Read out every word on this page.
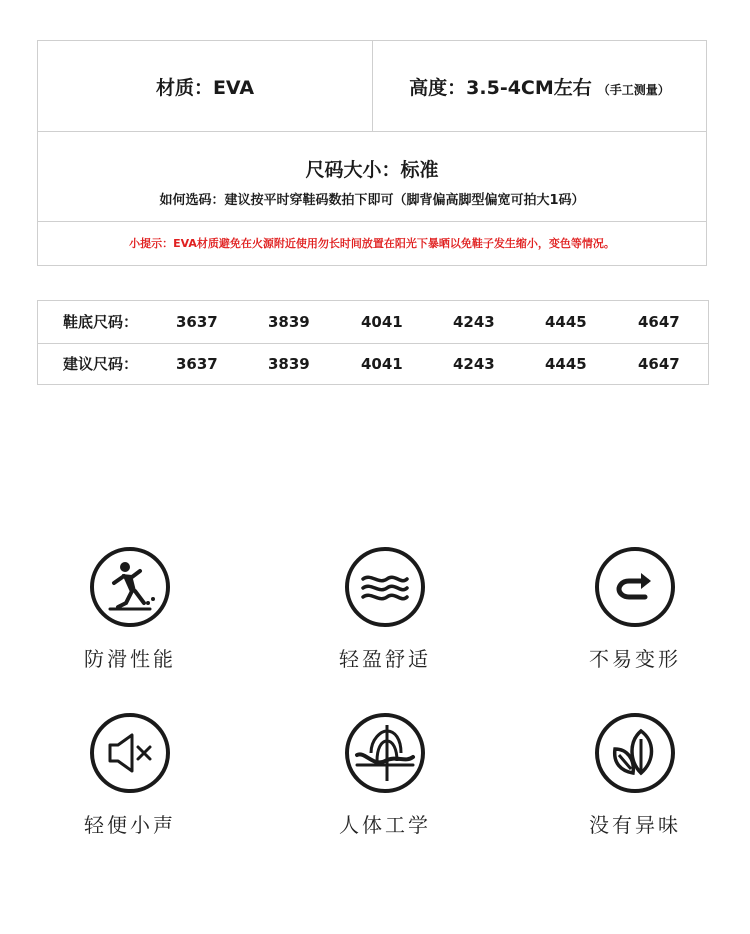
材质：EVA	高度：3.5-4CM左右 （手工测量）
尺码大小：标准
如何选码：建议按平时穿鞋码数拍下即可（脚背偏高脚型偏宽可拍大1码）
小提示：EVA材质避免在火源附近使用勿长时间放置在阳光下暴晒以免鞋子发生缩小，变色等情况。
鞋底尺码：	3637	3839	4041	4243	4445	4647
建议尺码：	3637	3839	4041	4243	4445	4647
防滑性能	轻盈舒适	不易变形
轻便小声	人体工学	没有异味
